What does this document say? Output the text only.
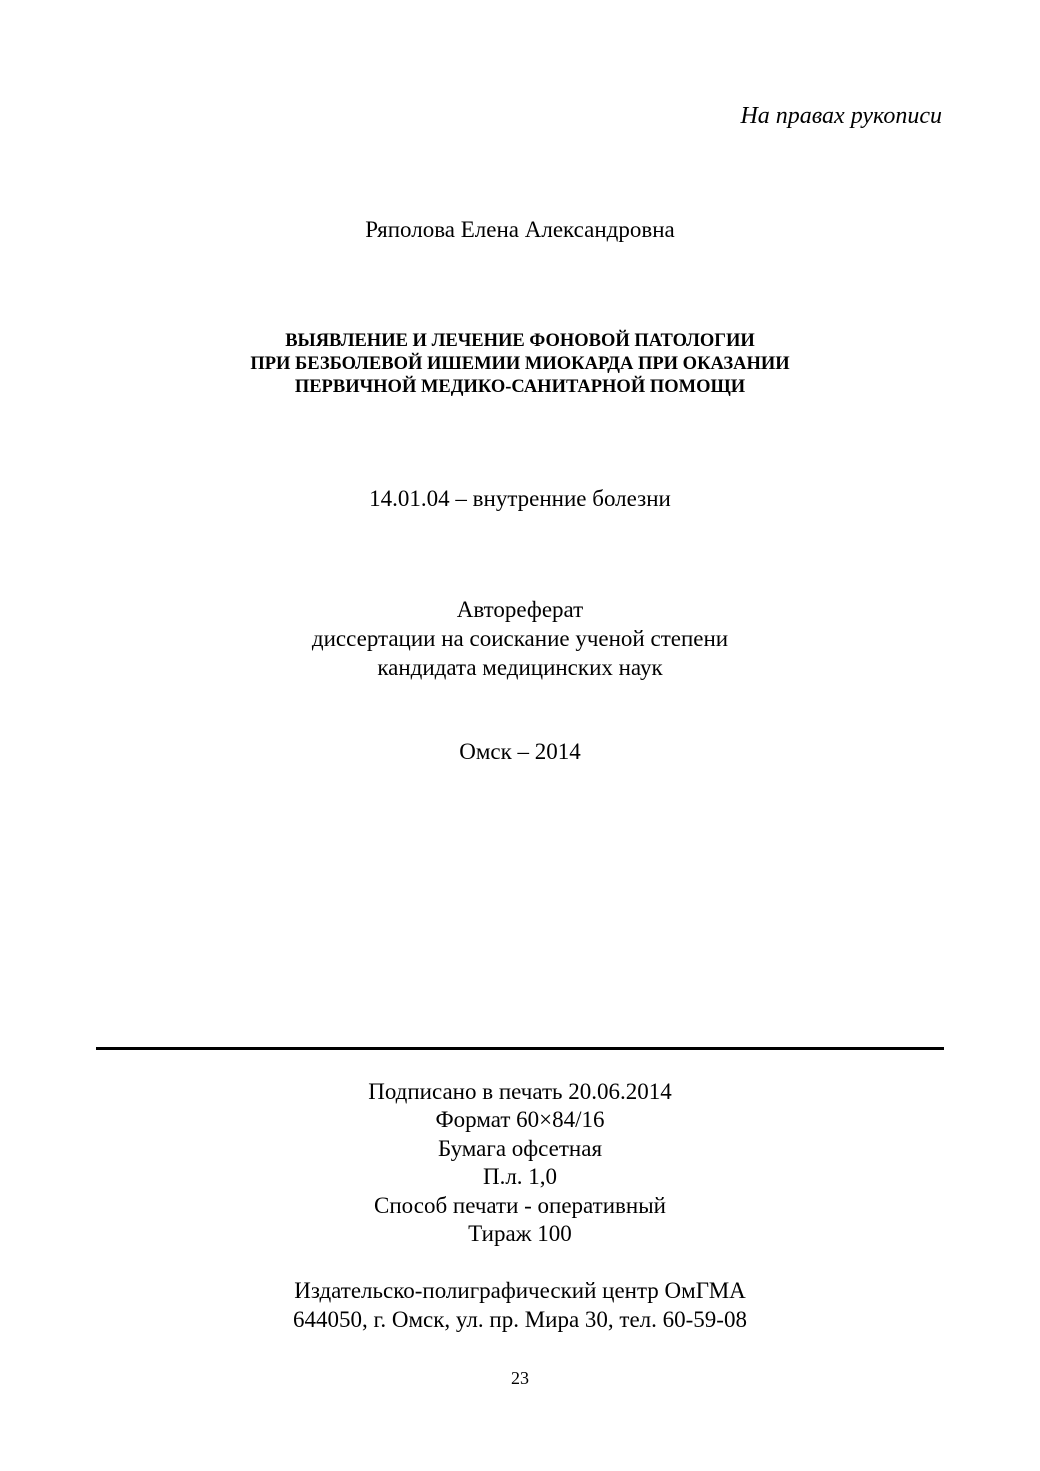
На правах рукописи
Ряполова Елена Александровна
ВЫЯВЛЕНИЕ И ЛЕЧЕНИЕ ФОНОВОЙ ПАТОЛОГИИ
ПРИ БЕЗБОЛЕВОЙ ИШЕМИИ МИОКАРДА ПРИ ОКАЗАНИИ
ПЕРВИЧНОЙ МЕДИКО-САНИТАРНОЙ ПОМОЩИ
14.01.04 – внутренние болезни
Автореферат
диссертации на соискание ученой степени
кандидата медицинских наук
Омск – 2014
Подписано в печать 20.06.2014
Формат 60×84/16
Бумага офсетная
П.л. 1,0
Способ печати - оперативный
Тираж 100
Издательско-полиграфический центр ОмГМА
644050, г. Омск, ул. пр. Мира 30, тел. 60-59-08
23
